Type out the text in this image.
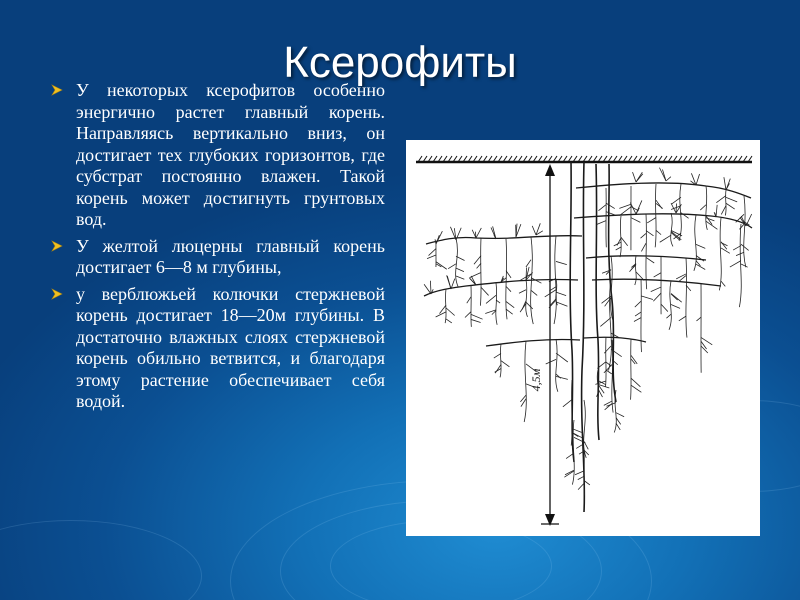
Ксерофиты
У некоторых ксерофитов особенно энергично растет главный корень. Направляясь вертикально вниз, он достигает тех глубоких горизонтов, где субстрат постоянно влажен. Такой корень может достигнуть грунтовых вод.
У желтой люцерны главный корень достигает 6—8 м глубины,
у верблюжьей колючки стержневой корень достигает 18—20м глубины. В достаточно влажных слоях стержневой корень обильно ветвится, и благодаря этому растение обеспечивает себя водой.
4,5м
